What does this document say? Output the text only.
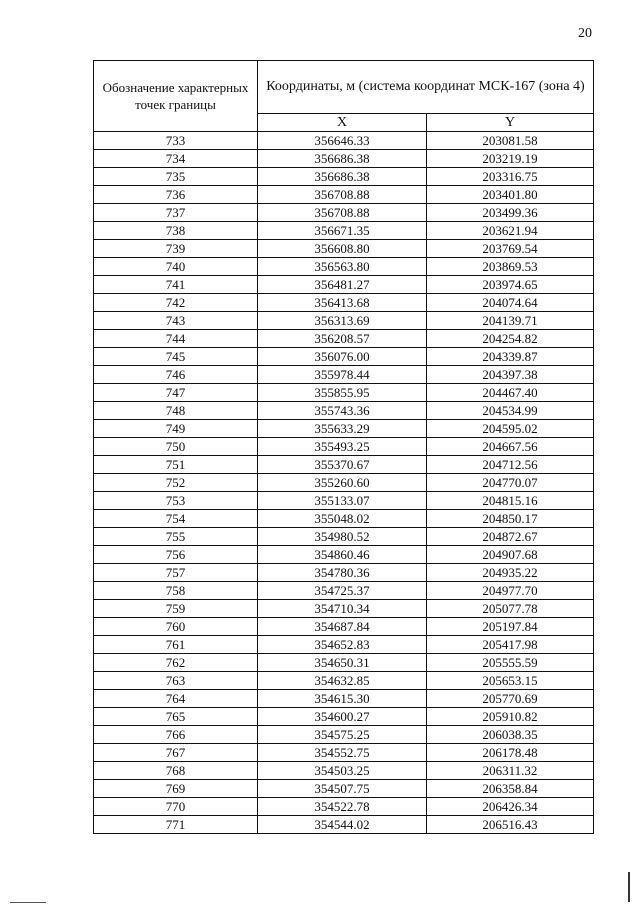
20
Обозначение характерных точек границы	Координаты, м (система координат МСК-167 (зона 4)	
	X	Y
733	356646.33	203081.58
734	356686.38	203219.19
735	356686.38	203316.75
736	356708.88	203401.80
737	356708.88	203499.36
738	356671.35	203621.94
739	356608.80	203769.54
740	356563.80	203869.53
741	356481.27	203974.65
742	356413.68	204074.64
743	356313.69	204139.71
744	356208.57	204254.82
745	356076.00	204339.87
746	355978.44	204397.38
747	355855.95	204467.40
748	355743.36	204534.99
749	355633.29	204595.02
750	355493.25	204667.56
751	355370.67	204712.56
752	355260.60	204770.07
753	355133.07	204815.16
754	355048.02	204850.17
755	354980.52	204872.67
756	354860.46	204907.68
757	354780.36	204935.22
758	354725.37	204977.70
759	354710.34	205077.78
760	354687.84	205197.84
761	354652.83	205417.98
762	354650.31	205555.59
763	354632.85	205653.15
764	354615.30	205770.69
765	354600.27	205910.82
766	354575.25	206038.35
767	354552.75	206178.48
768	354503.25	206311.32
769	354507.75	206358.84
770	354522.78	206426.34
771	354544.02	206516.43
